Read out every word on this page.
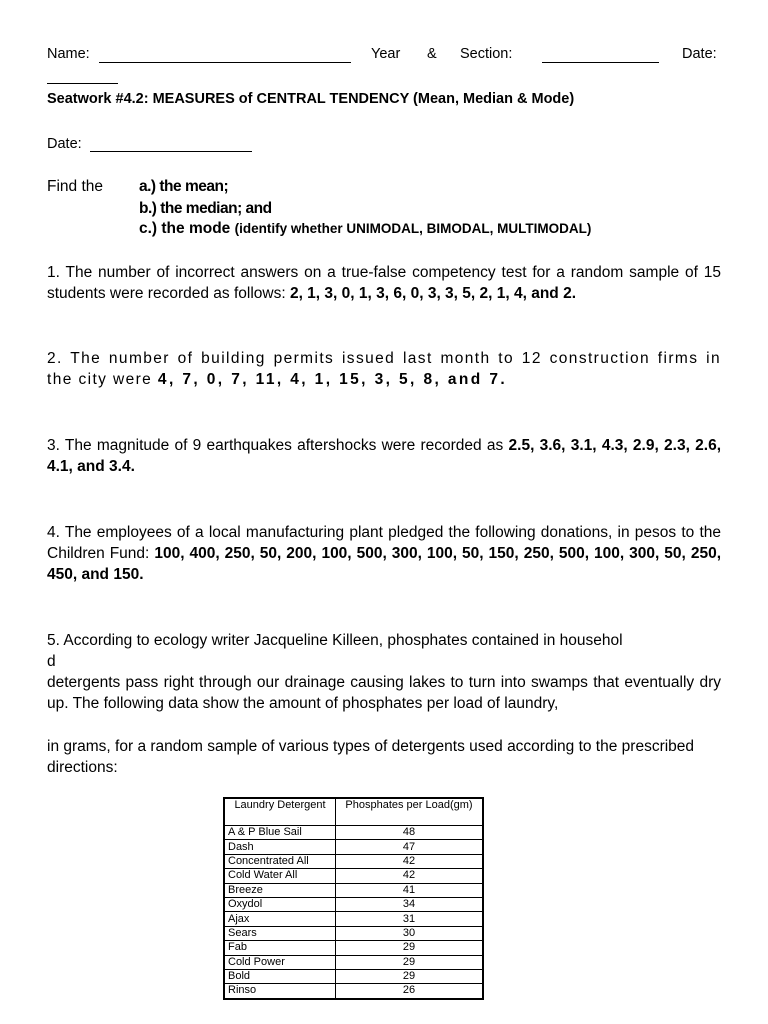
Name:	Year & Section:	Date:
Seatwork #4.2: MEASURES of CENTRAL TENDENCY (Mean, Median & Mode)
Date:
Find the a.) the mean;
b.) the median; and
c.) the mode (identify whether UNIMODAL, BIMODAL, MULTIMODAL)
1. The number of incorrect answers on a true-false competency test for a random sample of 15 students were recorded as follows: 2, 1, 3, 0, 1, 3, 6, 0, 3, 3, 5, 2, 1, 4, and 2.
2. The number of building permits issued last month to 12 construction firms in the city were 4, 7, 0, 7, 11, 4, 1, 15, 3, 5, 8, and 7.
3. The magnitude of 9 earthquakes aftershocks were recorded as 2.5, 3.6, 3.1, 4.3, 2.9, 2.3, 2.6, 4.1, and 3.4.
4. The employees of a local manufacturing plant pledged the following donations, in pesos to the Children Fund: 100, 400, 250, 50, 200, 100, 500, 300, 100, 50, 150, 250, 500, 100, 300, 50, 250, 450, and 150.
5. According to ecology writer Jacqueline Killeen, phosphates contained in househol
d
detergents pass right through our drainage causing lakes to turn into swamps that eventually dry up. The following data show the amount of phosphates per load of laundry,
in grams, for a random sample of various types of detergents used according to the prescribed directions:
Laundry Detergent	Phosphates per Load(gm)
A & P Blue Sail	48
Dash	47
Concentrated All	42
Cold Water All	42
Breeze	41
Oxydol	34
Ajax	31
Sears	30
Fab	29
Cold Power	29
Bold	29
Rinso	26
